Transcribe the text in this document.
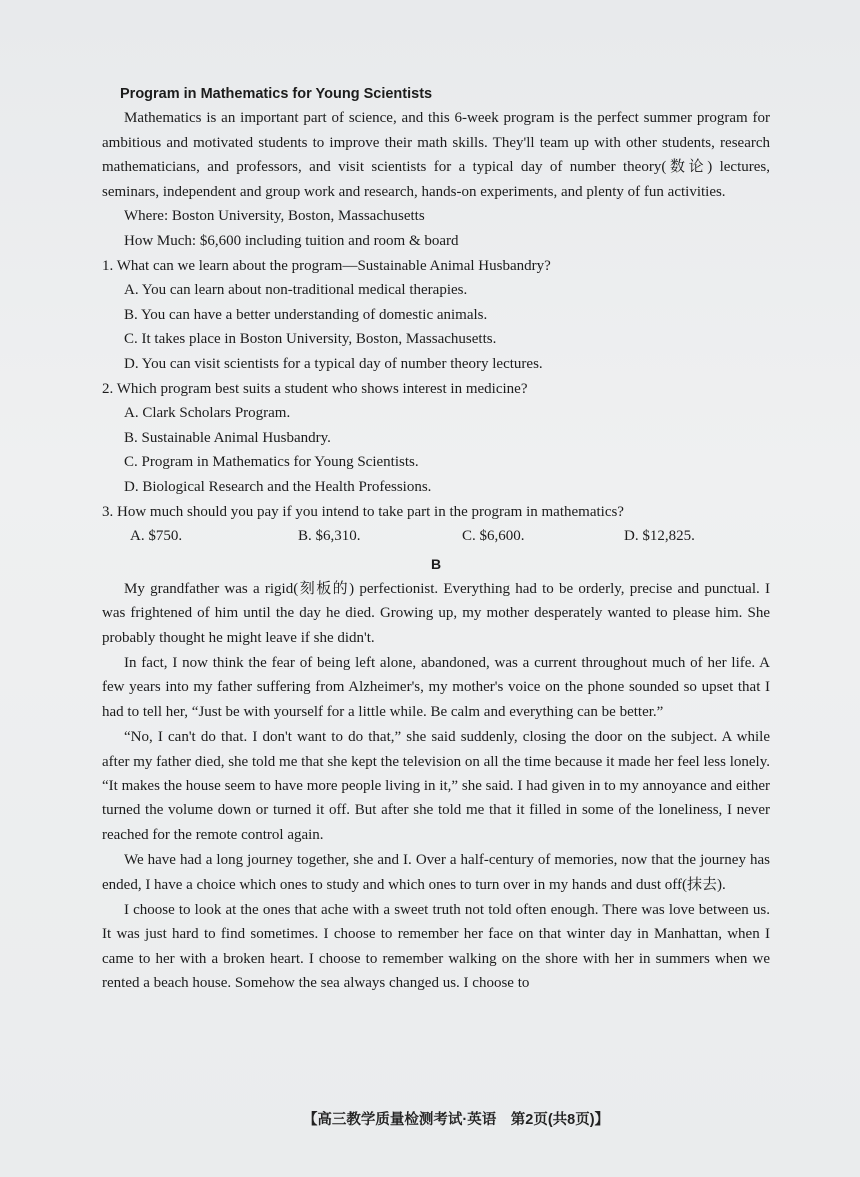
Program in Mathematics for Young Scientists

Mathematics is an important part of science, and this 6-week program is the perfect summer program for ambitious and motivated students to improve their math skills. They'll team up with other students, research mathematicians, and professors, and visit scientists for a typical day of number theory(数论) lectures, seminars, independent and group work and research, hands-on experiments, and plenty of fun activities.

Where: Boston University, Boston, Massachusetts

How Much: $6,600 including tuition and room & board

1. What can we learn about the program—Sustainable Animal Husbandry?

A. You can learn about non-traditional medical therapies.

B. You can have a better understanding of domestic animals.

C. It takes place in Boston University, Boston, Massachusetts.

D. You can visit scientists for a typical day of number theory lectures.

2. Which program best suits a student who shows interest in medicine?

A. Clark Scholars Program.

B. Sustainable Animal Husbandry.

C. Program in Mathematics for Young Scientists.

D. Biological Research and the Health Professions.

3. How much should you pay if you intend to take part in the program in mathematics?

A. $750.	B. $6,310.	C. $6,600.	D. $12,825.
B

My grandfather was a rigid(刻板的) perfectionist. Everything had to be orderly, precise and punctual. I was frightened of him until the day he died. Growing up, my mother desperately wanted to please him. She probably thought he might leave if she didn't.

In fact, I now think the fear of being left alone, abandoned, was a current throughout much of her life. A few years into my father suffering from Alzheimer's, my mother's voice on the phone sounded so upset that I had to tell her, “Just be with yourself for a little while. Be calm and everything can be better.”

“No, I can't do that. I don't want to do that,” she said suddenly, closing the door on the subject. A while after my father died, she told me that she kept the television on all the time because it made her feel less lonely. “It makes the house seem to have more people living in it,” she said. I had given in to my annoyance and either turned the volume down or turned it off. But after she told me that it filled in some of the loneliness, I never reached for the remote control again.

We have had a long journey together, she and I. Over a half-century of memories, now that the journey has ended, I have a choice which ones to study and which ones to turn over in my hands and dust off(抹去).

I choose to look at the ones that ache with a sweet truth not told often enough. There was love between us. It was just hard to find sometimes. I choose to remember her face on that winter day in Manhattan, when I came to her with a broken heart. I choose to remember walking on the shore with her in summers when we rented a beach house. Somehow the sea always changed us. I choose to

【高三教学质量检测考试·英语　第2页(共8页)】
